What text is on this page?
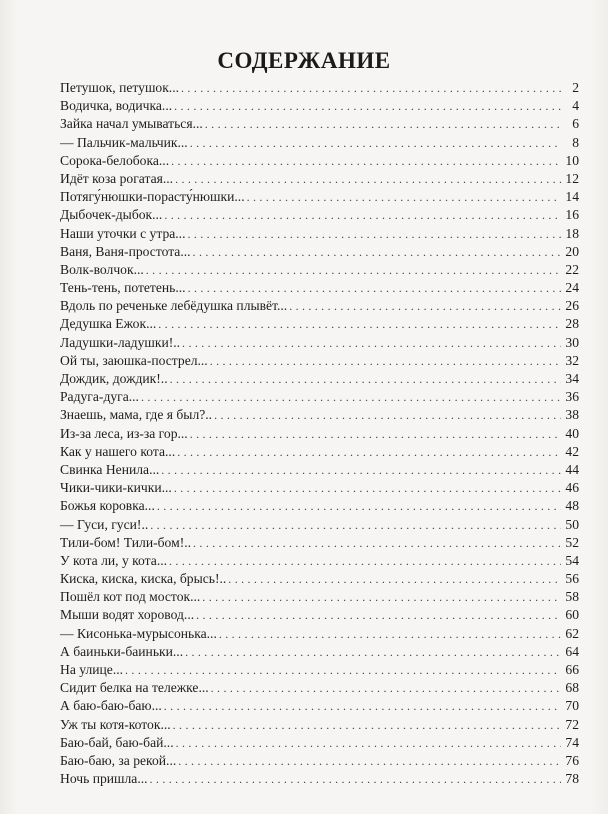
СОДЕРЖАНИЕ
Петушок, петушок... . . .	2
Водичка, водичка... . . .	4
Зайка начал умываться... . . .	6
— Пальчик-мальчик... . . .	8
Сорока-белобока... . . .	10
Идёт коза рогатая... . . .	12
Потягу́нюшки-порасту́нюшки... . . .	14
Дыбочек-дыбок... . . .	16
Наши уточки с утра... . . .	18
Ваня, Ваня-простота... . . .	20
Волк-волчок... . . .	22
Тень-тень, потетень... . . .	24
Вдоль по реченьке лебёдушка плывёт... . . .	26
Дедушка Ежок... . . .	28
Ладушки-ладушки!.. . . .	30
Ой ты, заюшка-пострел... . . .	32
Дождик, дождик!.. . . .	34
Радуга-дуга... . . .	36
Знаешь, мама, где я был?.. . . .	38
Из-за леса, из-за гор... . . .	40
Как у нашего кота... . . .	42
Свинка Ненила... . . .	44
Чики-чики-кички... . . .	46
Божья коровка... . . .	48
— Гуси, гуси!.. . . .	50
Тили-бом! Тили-бом!.. . . .	52
У кота ли, у кота... . . .	54
Киска, киска, киска, брысь!.. . . .	56
Пошёл кот под мосток... . . .	58
Мыши водят хоровод... . . .	60
— Кисонька-мурысонька... . . .	62
А баиньки-баиньки... . . .	64
На улице... . . .	66
Сидит белка на тележке... . . .	68
А баю-баю-баю... . . .	70
Уж ты котя-коток... . . .	72
Баю-бай, баю-бай... . . .	74
Баю-баю, за рекой... . . .	76
Ночь пришла... . . .	78
